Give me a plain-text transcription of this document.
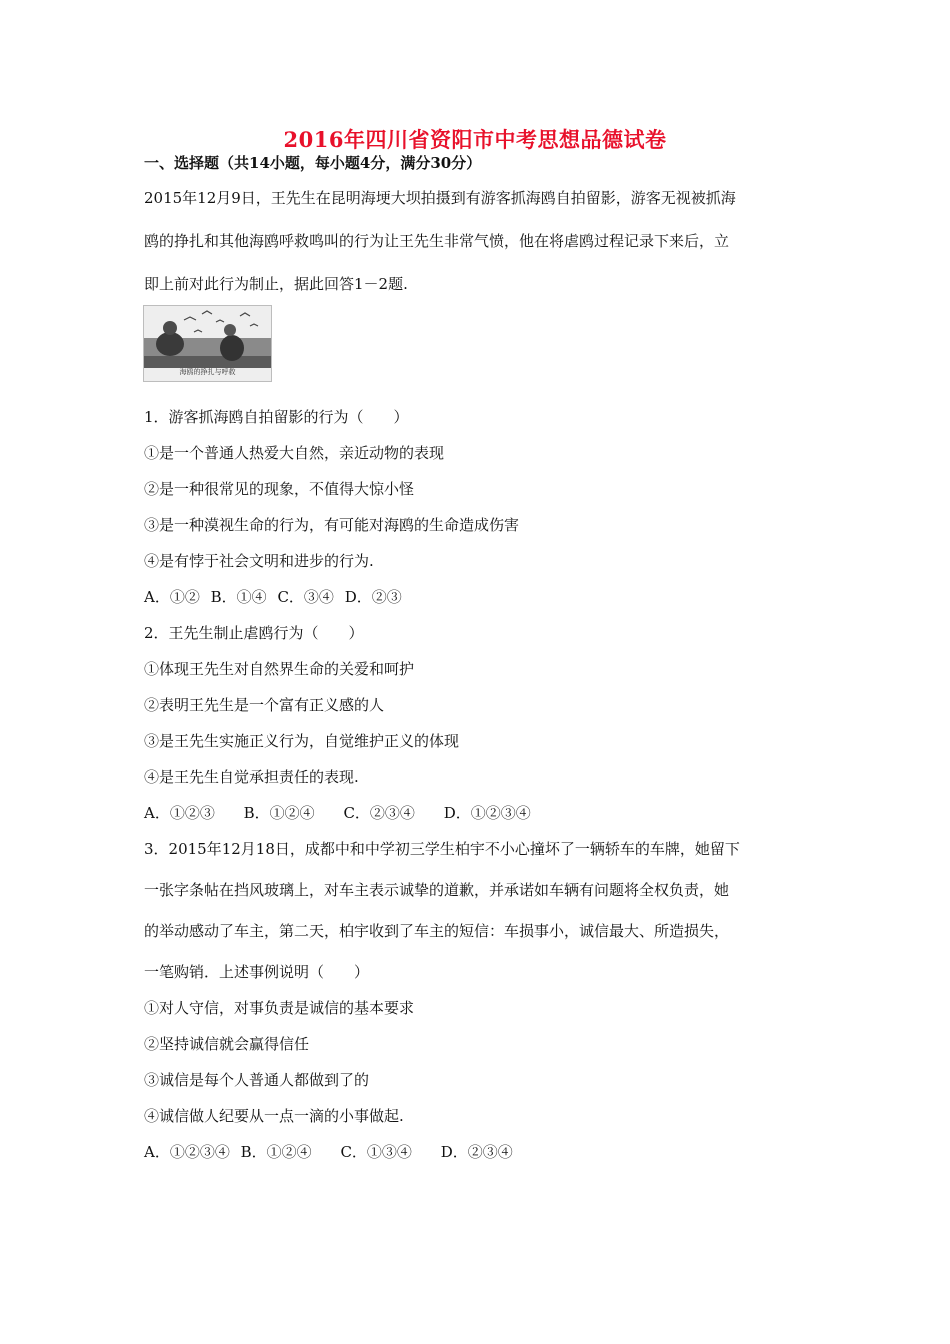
2016年四川省资阳市中考思想品德试卷
一、选择题（共14小题，每小题4分，满分30分）
2015年12月9日，王先生在昆明海埂大坝拍摄到有游客抓海鸥自拍留影，游客无视被抓海
鸥的挣扎和其他海鸥呼救鸣叫的行为让王先生非常气愤，他在将虐鸥过程记录下来后，立
即上前对此行为制止，据此回答1－2题.
海鸥的挣扎与呼救
1．游客抓海鸥自拍留影的行为（　　）
①是一个普通人热爱大自然，亲近动物的表现
②是一种很常见的现象，不值得大惊小怪
③是一种漠视生命的行为，有可能对海鸥的生命造成伤害
④是有悖于社会文明和进步的行为.
A．①② B．①④ C．③④ D．②③
2．王先生制止虐鸥行为（　　）
①体现王先生对自然界生命的关爱和呵护
②表明王先生是一个富有正义感的人
③是王先生实施正义行为，自觉维护正义的体现
④是王先生自觉承担责任的表现.
A．①②③ B．①②④ C．②③④ D．①②③④
3．2015年12月18日，成都中和中学初三学生柏宇不小心撞坏了一辆轿车的车牌，她留下
一张字条帖在挡风玻璃上，对车主表示诚挚的道歉，并承诺如车辆有问题将全权负责，她
的举动感动了车主，第二天，柏宇收到了车主的短信：车损事小，诚信最大、所造损失，
一笔购销．上述事例说明（　　）
①对人守信，对事负责是诚信的基本要求
②坚持诚信就会赢得信任
③诚信是每个人普通人都做到了的
④诚信做人纪要从一点一滴的小事做起.
A．①②③④ B．①②④ C．①③④ D．②③④
